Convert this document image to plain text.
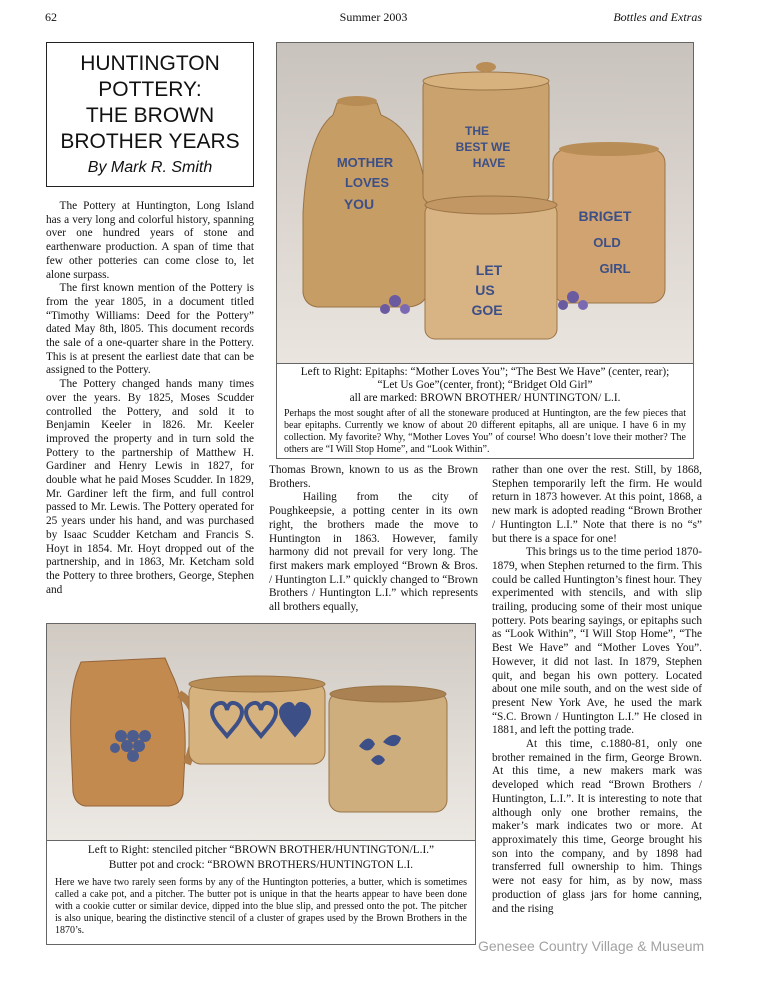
62	Summer 2003	Bottles and Extras
HUNTINGTON
POTTERY:
THE BROWN
BROTHER YEARS
By Mark R. Smith

The Pottery at Huntington, Long Island has a very long and colorful history, spanning over one hundred years of stone and earthenware production. A span of time that few other potteries can come close to, let alone surpass.

The first known mention of the Pottery is from the year 1805, in a document titled “Timothy Williams: Deed for the Pottery” dated May 8th, l805. This document records the sale of a one-quarter share in the Pottery. This is at present the earliest date that can be assigned to the Pottery.

The Pottery changed hands many times over the years. By 1825, Moses Scudder controlled the Pottery, and sold it to Benjamin Keeler in l826. Mr. Keeler improved the property and in turn sold the Pottery to the partnership of Matthew H. Gardiner and Henry Lewis in 1827, for double what he paid Moses Scudder. In 1829, Mr. Gardiner left the firm, and full control passed to Mr. Lewis. The Pottery operated for 25 years under his hand, and was purchased by Isaac Scudder Ketcham and Francis S. Hoyt in 1854. Mr. Hoyt dropped out of the partnership, and in 1863, Mr. Ketcham sold the Pottery to three brothers, George, Stephen and

MOTHER
LOVES
YOU
THE
BEST WE
HAVE
BRIGET
OLD
GIRL
LET
US
GOE
Left to Right: Epitaphs: “Mother Loves You”; “The Best We Have” (center, rear);
“Let Us Goe”(center, front); “Bridget Old Girl”
all are marked: BROWN BROTHER/ HUNTINGTON/ L.I.
Perhaps the most sought after of all the stoneware produced at Huntington, are the few pieces that bear epitaphs. Currently we know of about 20 different epitaphs, all are unique. I have 6 in my collection. My favorite? Why, “Mother Loves You” of course! Who doesn’t love their mother? The others are “I Will Stop Home”, and “Look Within”.

Thomas Brown, known to us as the Brown Brothers.

Hailing from the city of Poughkeepsie, a potting center in its own right, the brothers made the move to Huntington in 1863. However, family harmony did not prevail for very long. The first makers mark employed “Brown & Bros. / Huntington L.I.” quickly changed to “Brown Brothers / Huntington L.I.” which represents all brothers equally,

rather than one over the rest. Still, by 1868, Stephen temporarily left the firm. He would return in 1873 however. At this point, 1868, a new mark is adopted reading “Brown Brother / Huntington L.I.” Note that there is no “s” but there is a space for one!

This brings us to the time period 1870-1879, when Stephen returned to the firm. This could be called Huntington’s finest hour. They experimented with stencils, and with slip trailing, producing some of their most unique pottery. Pots bearing sayings, or epitaphs such as “Look Within”, “I Will Stop Home”, “The Best We Have” and “Mother Loves You”. However, it did not last. In 1879, Stephen quit, and began his own pottery. Located about one mile south, and on the west side of present New York Ave, he used the mark “S.C. Brown / Huntington L.I.” He closed in 1881, and left the potting trade.

At this time, c.1880-81, only one brother remained in the firm, George Brown. At this time, a new makers mark was developed which read “Brown Brothers / Huntington, L.I.”. It is interesting to note that although only one brother remains, the maker’s mark indicates two or more. At approximately this time, George brought his son into the company, and by 1898 had transferred full ownership to him. Things were not easy for him, as by now, mass production of glass jars for home canning, and the rising

Left to Right: stenciled pitcher “BROWN BROTHER/HUNTINGTON/L.I.”
Butter pot and crock: “BROWN BROTHERS/HUNTINGTON L.I.
Here we have two rarely seen forms by any of the Huntington potteries, a butter, which is sometimes called a cake pot, and a pitcher. The butter pot is unique in that the hearts appear to have been done with a cookie cutter or similar device, dipped into the blue slip, and pressed onto the pot. The pitcher is also unique, bearing the distinctive stencil of a cluster of grapes used by the Brown Brothers in the 1870’s.
Genesee Country Village & Museum
